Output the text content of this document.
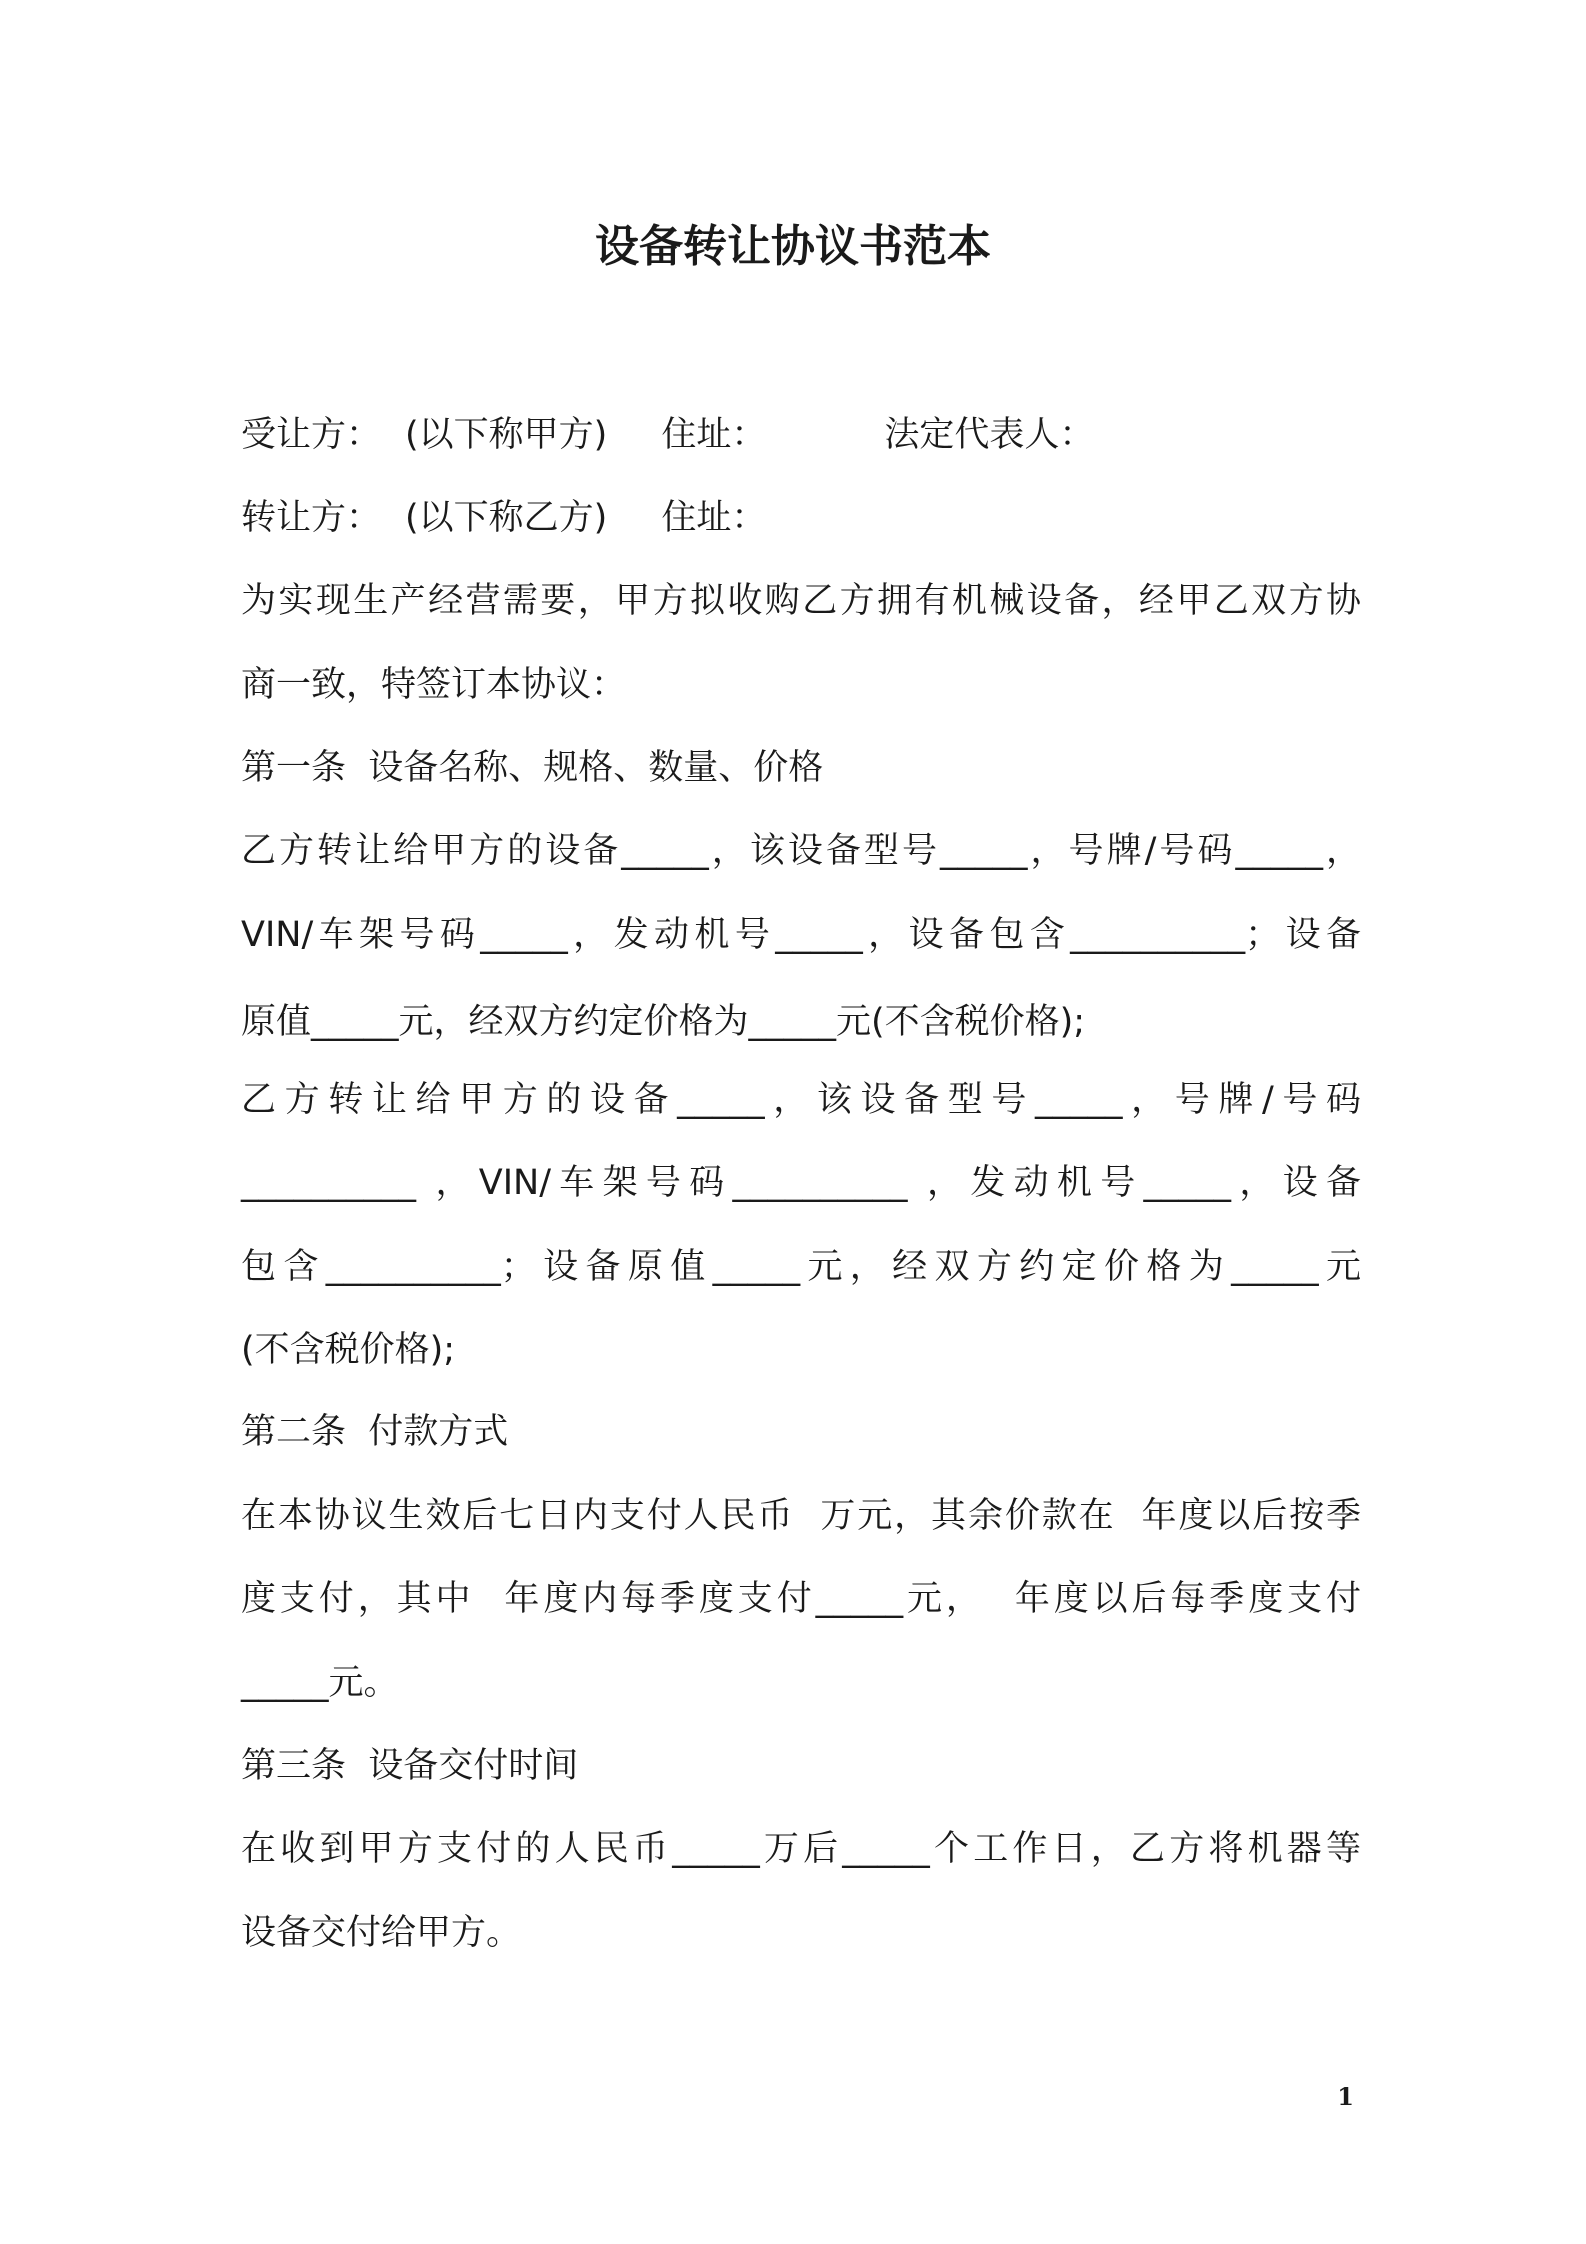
设备转让协议书范本
受让方： (以下称甲方) 住址：	法定代表人：
转让方： (以下称乙方) 住址：
为实现生产经营需要，甲方拟收购乙方拥有机械设备，经甲乙双方协
商一致，特签订本协议：
第一条  设备名称、规格、数量、价格
乙方转让给甲方的设备_____，该设备型号_____，号牌/号码_____，
VIN/车架号码_____，发动机号_____，设备包含__________；设备
原值_____元，经双方约定价格为_____元(不含税价格);
乙方转让给甲方的设备_____，该设备型号_____，号牌/号码
__________ ，VIN/车架号码__________ ，发动机号_____，设备
包含__________；设备原值_____元，经双方约定价格为_____元
(不含税价格);
第二条  付款方式
在本协议生效后七日内支付人民币  万元，其余价款在  年度以后按季
度支付，其中  年度内每季度支付_____元，  年度以后每季度支付
_____元。
第三条  设备交付时间
在收到甲方支付的人民币_____万后_____个工作日，乙方将机器等
设备交付给甲方。
1
